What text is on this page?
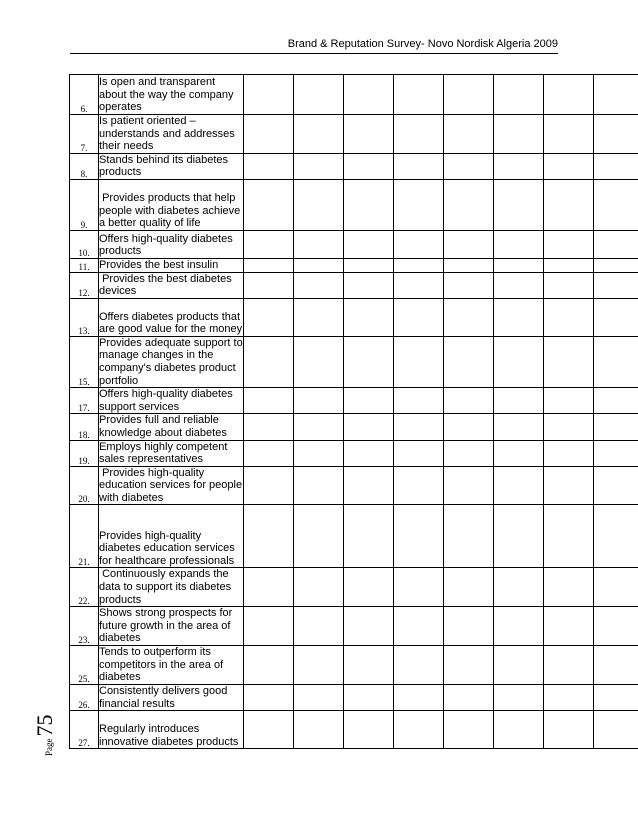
Brand & Reputation Survey- Novo Nordisk Algeria 2009
Page75
6.	Is open and transparent about the way the company operates								
7.	Is patient oriented – understands and addresses their needs								
8.	Stands behind its diabetes products								
9.	Provides products that help people with diabetes achieve a better quality of life								
10.	Offers high-quality diabetes products								
11.	Provides the best insulin								
12.	Provides the best diabetes devices								
13.	Offers diabetes products that are good value for the money								
15.	Provides adequate support to manage changes in the company's diabetes product  portfolio								
17.	Offers high-quality diabetes support services								
18.	Provides full and reliable knowledge about diabetes								
19.	Employs highly competent sales representatives								
20.	Provides high-quality education services for people with diabetes								
21.	Provides high-quality diabetes education services for healthcare professionals								
22.	Continuously expands the data to support its diabetes products								
23.	Shows strong prospects for future growth in the area of diabetes								
25.	Tends to outperform its competitors in the area of diabetes								
26.	Consistently delivers good financial results								
27.	Regularly introduces innovative diabetes products								
